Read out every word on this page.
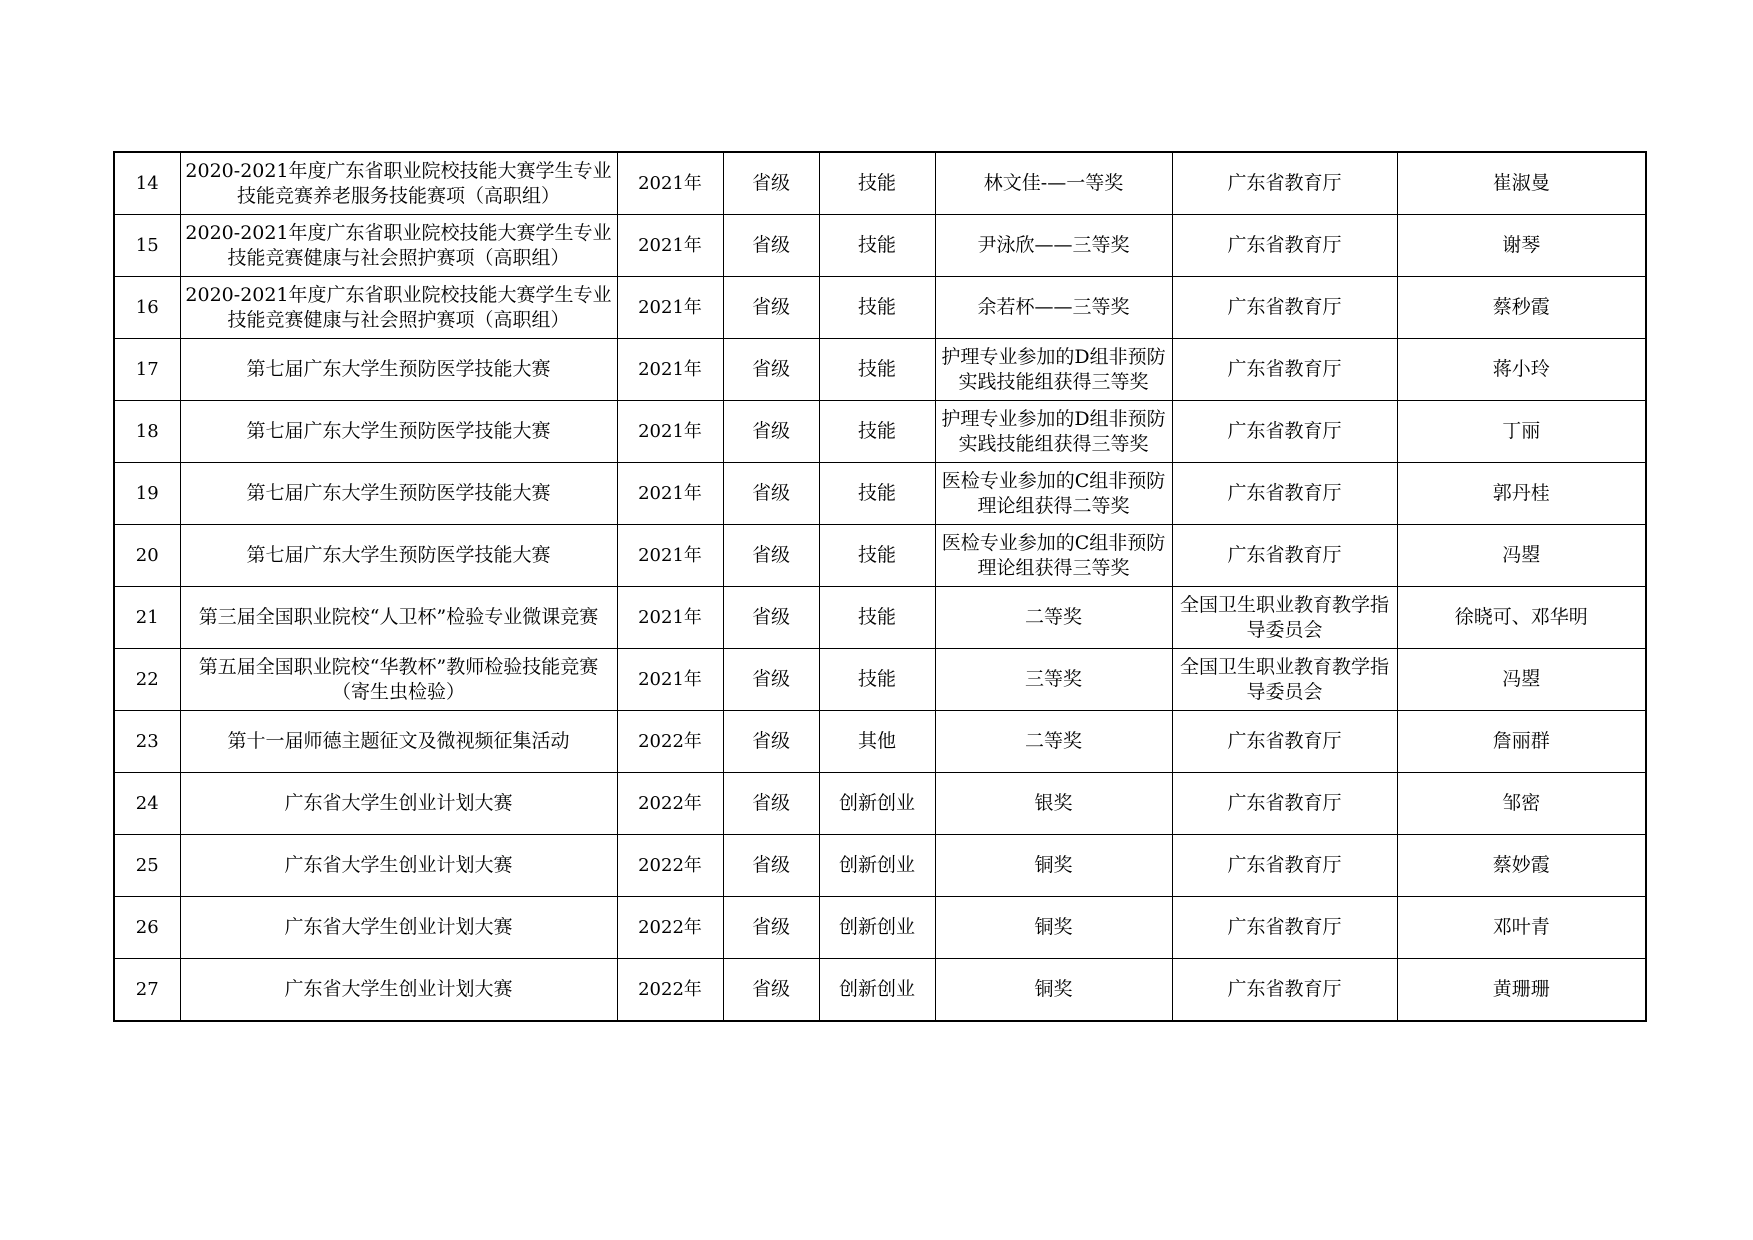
14	2020-2021年度广东省职业院校技能大赛学生专业技能竞赛养老服务技能赛项（高职组）	2021年	省级	技能	林文佳-—一等奖	广东省教育厅	崔淑曼
15	2020-2021年度广东省职业院校技能大赛学生专业技能竞赛健康与社会照护赛项（高职组）	2021年	省级	技能	尹泳欣——三等奖	广东省教育厅	谢琴
16	2020-2021年度广东省职业院校技能大赛学生专业技能竞赛健康与社会照护赛项（高职组）	2021年	省级	技能	余若杯——三等奖	广东省教育厅	蔡秒霞
17	第七届广东大学生预防医学技能大赛	2021年	省级	技能	护理专业参加的D组非预防实践技能组获得三等奖	广东省教育厅	蒋小玲
18	第七届广东大学生预防医学技能大赛	2021年	省级	技能	护理专业参加的D组非预防实践技能组获得三等奖	广东省教育厅	丁丽
19	第七届广东大学生预防医学技能大赛	2021年	省级	技能	医检专业参加的C组非预防理论组获得二等奖	广东省教育厅	郭丹桂
20	第七届广东大学生预防医学技能大赛	2021年	省级	技能	医检专业参加的C组非预防理论组获得三等奖	广东省教育厅	冯曌
21	第三届全国职业院校“人卫杯”检验专业微课竞赛	2021年	省级	技能	二等奖	全国卫生职业教育教学指导委员会	徐晓可、邓华明
22	第五届全国职业院校“华教杯”教师检验技能竞赛（寄生虫检验）	2021年	省级	技能	三等奖	全国卫生职业教育教学指导委员会	冯曌
23	第十一届师德主题征文及微视频征集活动	2022年	省级	其他	二等奖	广东省教育厅	詹丽群
24	广东省大学生创业计划大赛	2022年	省级	创新创业	银奖	广东省教育厅	邹密
25	广东省大学生创业计划大赛	2022年	省级	创新创业	铜奖	广东省教育厅	蔡妙霞
26	广东省大学生创业计划大赛	2022年	省级	创新创业	铜奖	广东省教育厅	邓叶青
27	广东省大学生创业计划大赛	2022年	省级	创新创业	铜奖	广东省教育厅	黄珊珊
